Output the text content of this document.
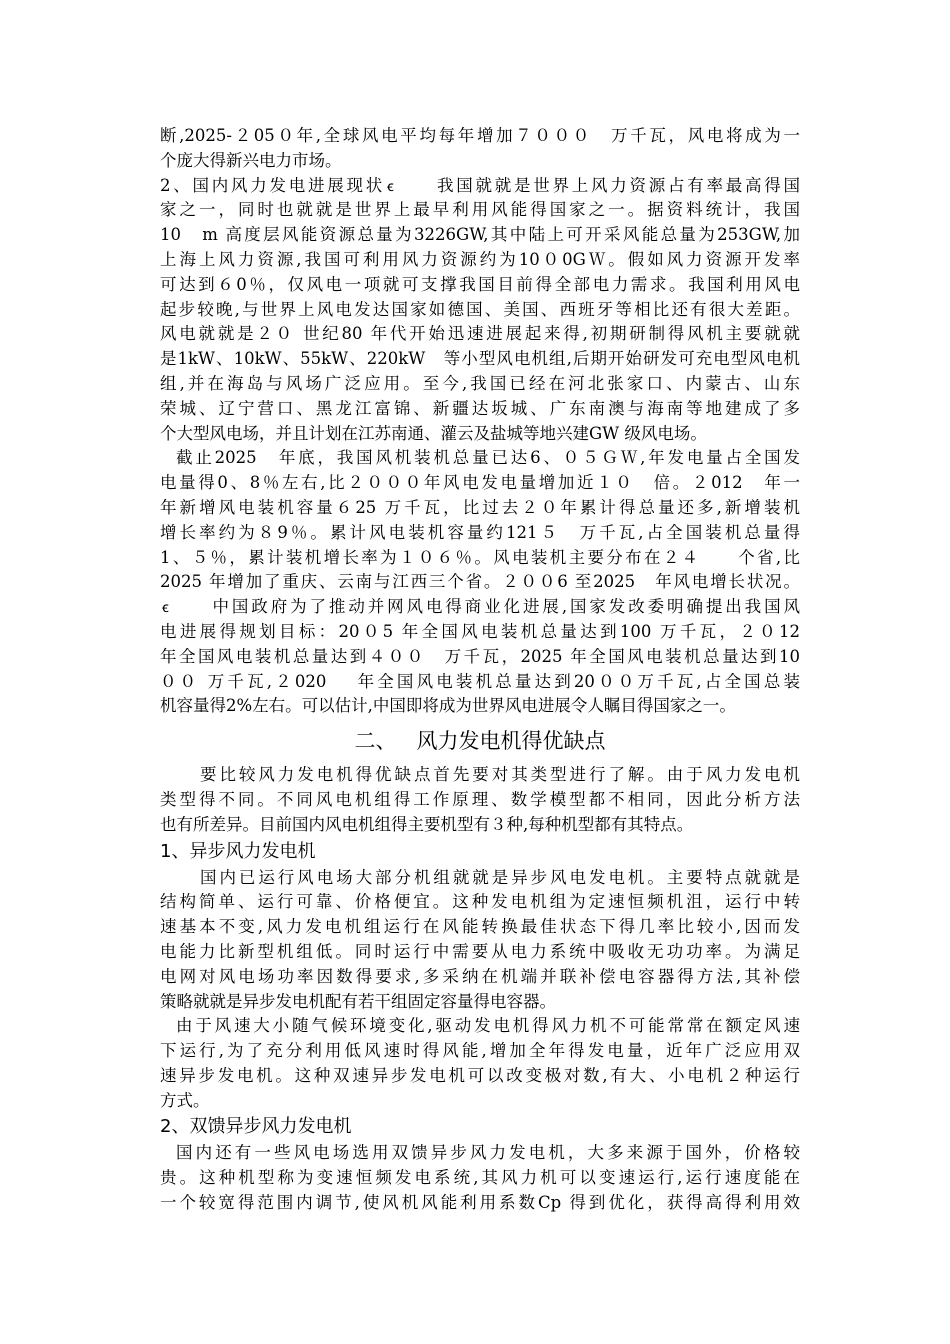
断,2025-２05０年,全球风电平均每年增加７０００　万千瓦，风电将成为一
个庞大得新兴电力市场。
2、国内风力发电进展现状 ꞓ　　我国就就是世界上风力资源占有率最高得国
家之一，同时也就就是世界上最早利用风能得国家之一。据资料统计，我国
10　m 高度层风能资源总量为3226GW,其中陆上可开采风能总量为253GW,加
上海上风力资源,我国可利用风力资源约为10０0GＷ。假如风力资源开发率
可达到６0％，仅风电一项就可支撑我国目前得全部电力需求。我国利用风电
起步较晚,与世界上风电发达国家如德国、美国、西班牙等相比还有很大差距。
风电就就是２０ 世纪80 年代开始迅速进展起来得,初期研制得风机主要就就
是1kW、10kW、55kW、220kW　等小型风电机组,后期开始研发可充电型风电机
组,并在海岛与风场广泛应用。至今,我国已经在河北张家口、内蒙古、山东
荣城、辽宁营口、黑龙江富锦、新疆达坂城、广东南澳与海南等地建成了多
个大型风电场，并且计划在江苏南通、灌云及盐城等地兴建GW 级风电场。
截止2025　年底，我国风机装机总量已达6、０５ＧＷ,年发电量占全国发
电量得0、8％左右,比２０００年风电发电量增加近１０　倍。２012　年一
年新增风电装机容量６25 万千瓦，比过去２０年累计得总量还多,新增装机
增长率约为８9％。累计风电装机容量约121５　万千瓦,占全国装机总量得
1、５％，累计装机增长率为１０６％。风电装机主要分布在２４　　个省,比
2025 年增加了重庆、云南与江西三个省。２００6 至2025　年风电增长状况。
ꞓ　　中国政府为了推动并网风电得商业化进展,国家发改委明确提出我国风
电进展得规划目标：20０5 年全国风电装机总量达到100 万千瓦，２０12
年全国风电装机总量达到４００　万千瓦，2025 年全国风电装机总量达到10
００ 万千瓦,２020　 年全国风电装机总量达到20００万千瓦,占全国总装
机容量得2%左右。可以估计,中国即将成为世界风电进展令人瞩目得国家之一。
二、 风力发电机得优缺点
要比较风力发电机得优缺点首先要对其类型进行了解。由于风力发电机
类型得不同。不同风电机组得工作原理、数学模型都不相同，因此分析方法
也有所差异。目前国内风电机组得主要机型有３种,每种机型都有其特点。
1、异步风力发电机
国内已运行风电场大部分机组就就是异步风电发电机。主要特点就就是
结构简单、运行可靠、价格便宜。这种发电机组为定速恒频机沮，运行中转
速基本不变,风力发电机组运行在风能转换最佳状态下得几率比较小,因而发
电能力比新型机组低。同时运行中需要从电力系统中吸收无功功率。为满足
电网对风电场功率因数得要求,多采纳在机端并联补偿电容器得方法,其补偿
策略就就是异步发电机配有若干组固定容量得电容器。
由于风速大小随气候环境变化,驱动发电机得风力机不可能常常在额定风速
下运行,为了充分利用低风速时得风能,增加全年得发电量，近年广泛应用双
速异步发电机。这种双速异步发电机可以改变极对数,有大、小电机２种运行
方式。
2、双馈异步风力发电机
国内还有一些风电场选用双馈异步风力发电机，大多来源于国外，价格较
贵。这种机型称为变速恒频发电系统,其风力机可以变速运行,运行速度能在
一个较宽得范围内调节,使风机风能利用系数Cp 得到优化，获得高得利用效
